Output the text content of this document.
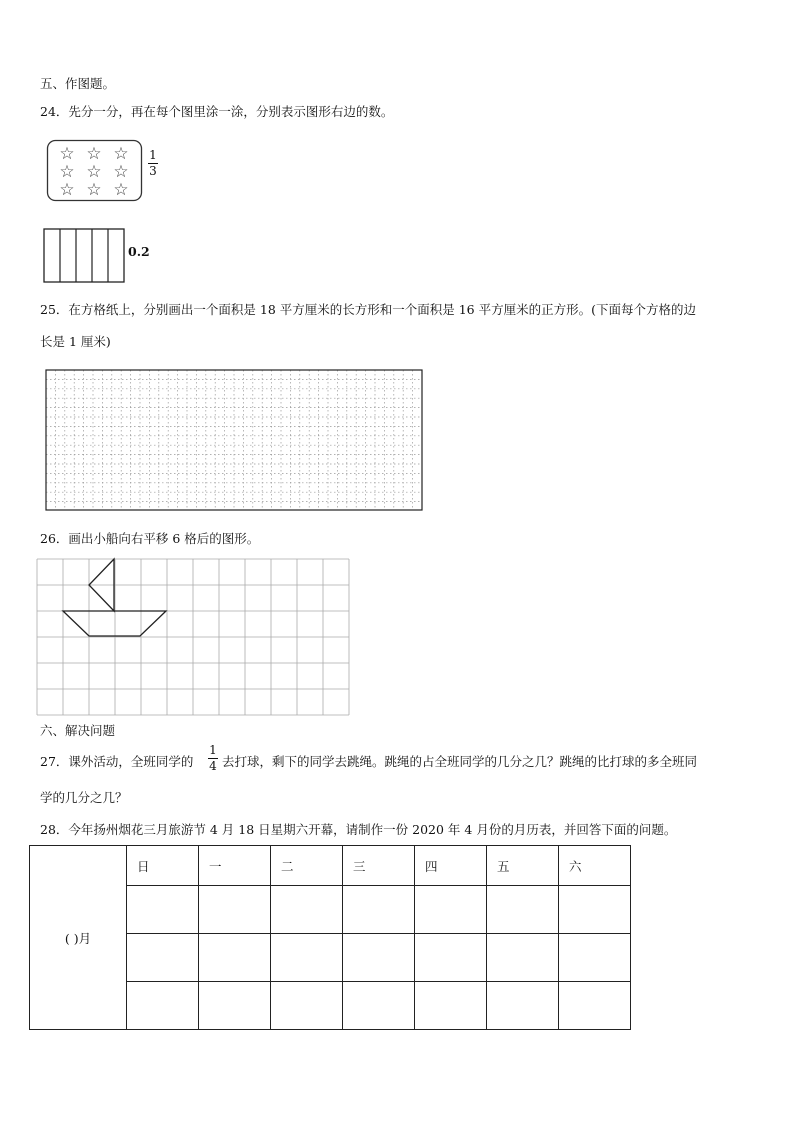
五、作图题。
24．先分一分，再在每个图里涂一涂，分别表示图形右边的数。
☆ ☆ ☆
☆ ☆ ☆
☆ ☆ ☆
1
3
0.2
25．在方格纸上，分别画出一个面积是 18 平方厘米的长方形和一个面积是 16 平方厘米的正方形。(下面每个方格的边
长是 1 厘米)
26．画出小船向右平移 6 格后的图形。
六、解决问题
27．课外活动，全班同学的
1
4 去打球，剩下的同学去跳绳。跳绳的占全班同学的几分之几？跳绳的比打球的多全班同
学的几分之几？
28．今年扬州烟花三月旅游节 4 月 18 日星期六开幕，请制作一份 2020 年 4 月份的月历表，并回答下面的问题。
( )月	日	一	二	三	四	五	六
